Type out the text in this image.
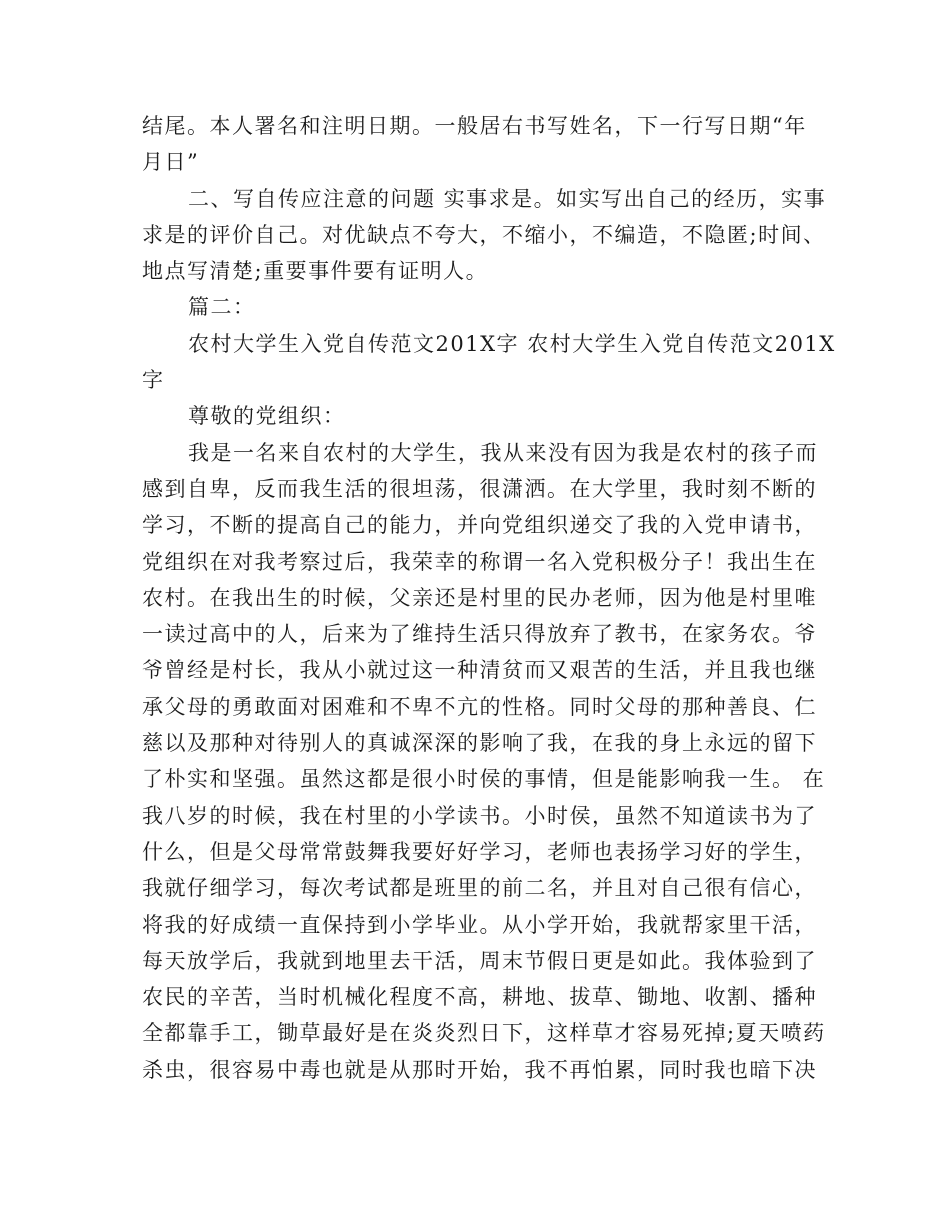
结尾。本人署名和注明日期。一般居右书写姓名，下一行写日期“年
月日”
二、写自传应注意的问题 实事求是。如实写出自己的经历，实事
求是的评价自己。对优缺点不夸大，不缩小，不编造，不隐匿;时间、
地点写清楚;重要事件要有证明人。
篇二：
农村大学生入党自传范文201X字 农村大学生入党自传范文201X
字
尊敬的党组织：
我是一名来自农村的大学生，我从来没有因为我是农村的孩子而
感到自卑，反而我生活的很坦荡，很潇洒。在大学里，我时刻不断的
学习，不断的提高自己的能力，并向党组织递交了我的入党申请书，
党组织在对我考察过后，我荣幸的称谓一名入党积极分子！我出生在
农村。在我出生的时候，父亲还是村里的民办老师，因为他是村里唯
一读过高中的人，后来为了维持生活只得放弃了教书，在家务农。爷
爷曾经是村长，我从小就过这一种清贫而又艰苦的生活，并且我也继
承父母的勇敢面对困难和不卑不亢的性格。同时父母的那种善良、仁
慈以及那种对待别人的真诚深深的影响了我，在我的身上永远的留下
了朴实和坚强。虽然这都是很小时侯的事情，但是能影响我一生。 在
我八岁的时候，我在村里的小学读书。小时侯，虽然不知道读书为了
什么，但是父母常常鼓舞我要好好学习，老师也表扬学习好的学生，
我就仔细学习，每次考试都是班里的前二名，并且对自己很有信心，
将我的好成绩一直保持到小学毕业。从小学开始，我就帮家里干活，
每天放学后，我就到地里去干活，周末节假日更是如此。我体验到了
农民的辛苦，当时机械化程度不高，耕地、拔草、锄地、收割、播种
全都靠手工，锄草最好是在炎炎烈日下，这样草才容易死掉;夏天喷药
杀虫，很容易中毒也就是从那时开始，我不再怕累，同时我也暗下决
